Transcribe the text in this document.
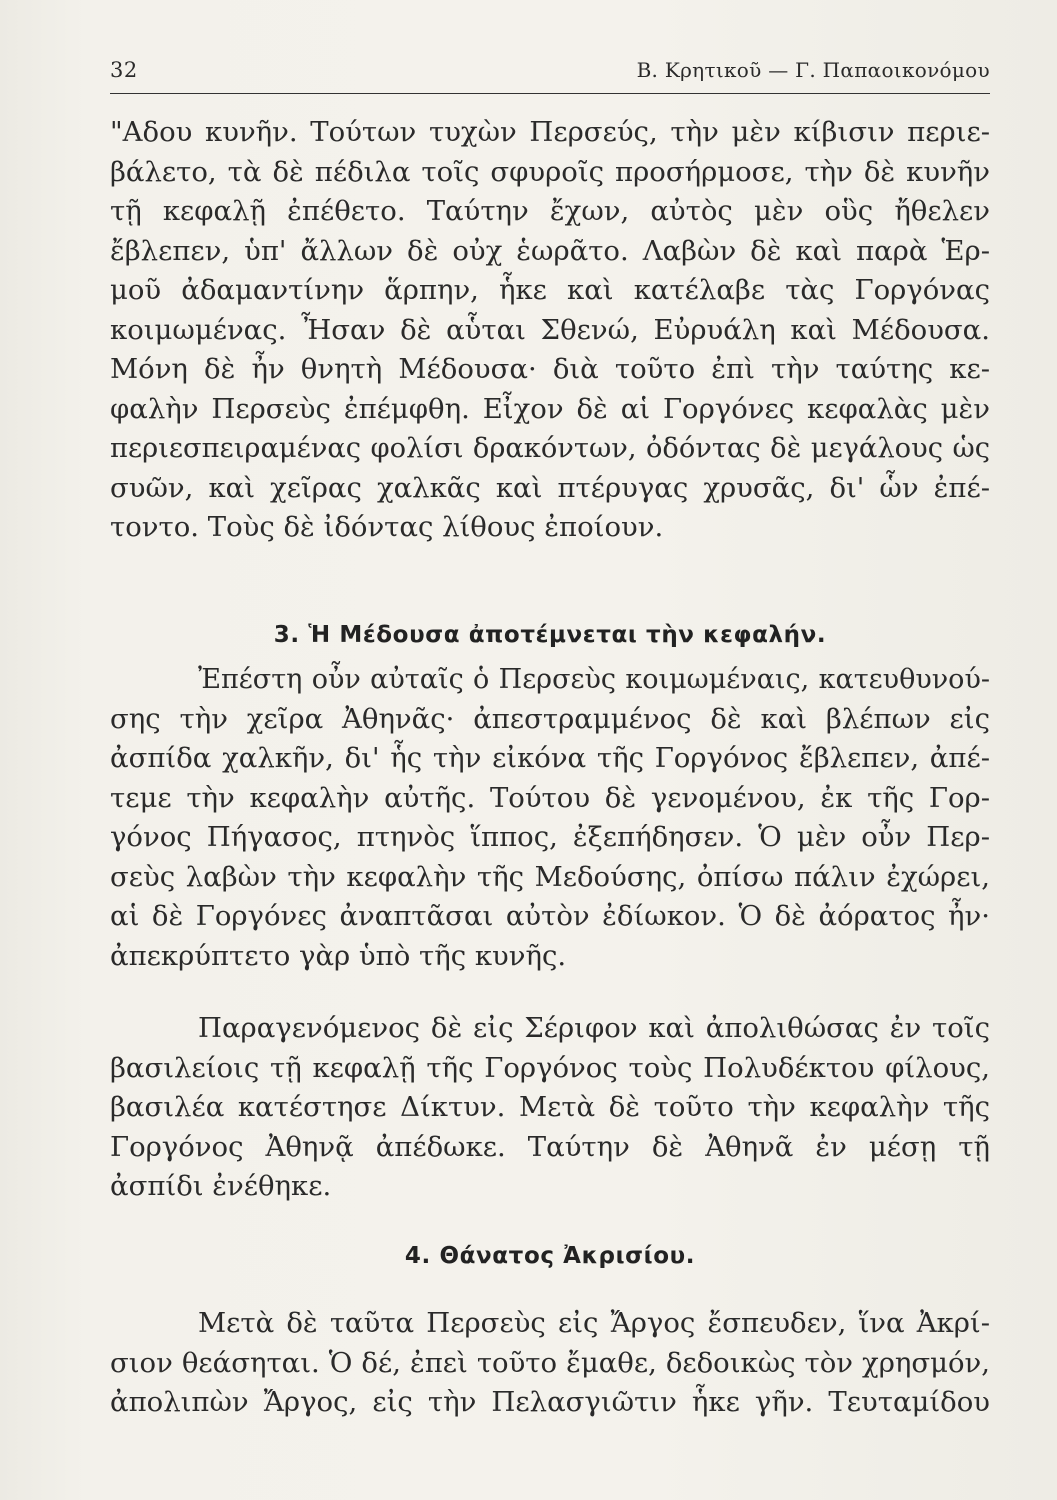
32	Β. Κρητικοῦ — Γ. Παπαοικονόμου
"Αδου κυνῆν. Τούτων τυχὼν Περσεύς, τὴν μὲν κίβισιν περιε-
βάλετο, τὰ δὲ πέδιλα τοῖς σφυροῖς προσήρμοσε, τὴν δὲ κυνῆν
τῇ κεφαλῇ ἐπέθετο. Ταύτην ἔχων, αὐτὸς μὲν οὓς ἤθελεν
ἔβλεπεν, ὑπ' ἄλλων δὲ οὐχ ἑωρᾶτο. Λαβὼν δὲ καὶ παρὰ Ἑρ-
μοῦ ἀδαμαντίνην ἅρπην, ἧκε καὶ κατέλαβε τὰς Γοργόνας
κοιμωμένας. Ἦσαν δὲ αὗται Σθενώ, Εὐρυάλη καὶ Μέδουσα.
Μόνη δὲ ἦν θνητὴ Μέδουσα· διὰ τοῦτο ἐπὶ τὴν ταύτης κε-
φαλὴν Περσεὺς ἐπέμφθη. Εἶχον δὲ αἱ Γοργόνες κεφαλὰς μὲν
περιεσπειραμένας φολίσι δρακόντων, ὀδόντας δὲ μεγάλους ὡς
συῶν, καὶ χεῖρας χαλκᾶς καὶ πτέρυγας χρυσᾶς, δι' ὧν ἐπέ-
τοντο. Τοὺς δὲ ἰδόντας λίθους ἐποίουν.
3. Ἡ Μέδουσα ἀποτέμνεται τὴν κεφαλήν.
Ἐπέστη οὖν αὐταῖς ὁ Περσεὺς κοιμωμέναις, κατευθυνού-
σης τὴν χεῖρα Ἀθηνᾶς· ἀπεστραμμένος δὲ καὶ βλέπων εἰς
ἀσπίδα χαλκῆν, δι' ἧς τὴν εἰκόνα τῆς Γοργόνος ἔβλεπεν, ἀπέ-
τεμε τὴν κεφαλὴν αὐτῆς. Τούτου δὲ γενομένου, ἐκ τῆς Γορ-
γόνος Πήγασος, πτηνὸς ἵππος, ἐξεπήδησεν. Ὁ μὲν οὖν Περ-
σεὺς λαβὼν τὴν κεφαλὴν τῆς Μεδούσης, ὀπίσω πάλιν ἐχώρει,
αἱ δὲ Γοργόνες ἀναπτᾶσαι αὐτὸν ἐδίωκον. Ὁ δὲ ἀόρατος ἦν·
ἀπεκρύπτετο γὰρ ὑπὸ τῆς κυνῆς.
Παραγενόμενος δὲ εἰς Σέριφον καὶ ἀπολιθώσας ἐν τοῖς
βασιλείοις τῇ κεφαλῇ τῆς Γοργόνος τοὺς Πολυδέκτου φίλους,
βασιλέα κατέστησε Δίκτυν. Μετὰ δὲ τοῦτο τὴν κεφαλὴν τῆς
Γοργόνος Ἀθηνᾷ ἀπέδωκε. Ταύτην δὲ Ἀθηνᾶ ἐν μέσῃ τῇ
ἀσπίδι ἐνέθηκε.
4. Θάνατος Ἀκρισίου.
Μετὰ δὲ ταῦτα Περσεὺς εἰς Ἄργος ἔσπευδεν, ἵνα Ἀκρί-
σιον θεάσηται. Ὁ δέ, ἐπεὶ τοῦτο ἔμαθε, δεδοικὼς τὸν χρησμόν,
ἀπολιπὼν Ἄργος, εἰς τὴν Πελασγιῶτιν ἧκε γῆν. Τευταμίδου
